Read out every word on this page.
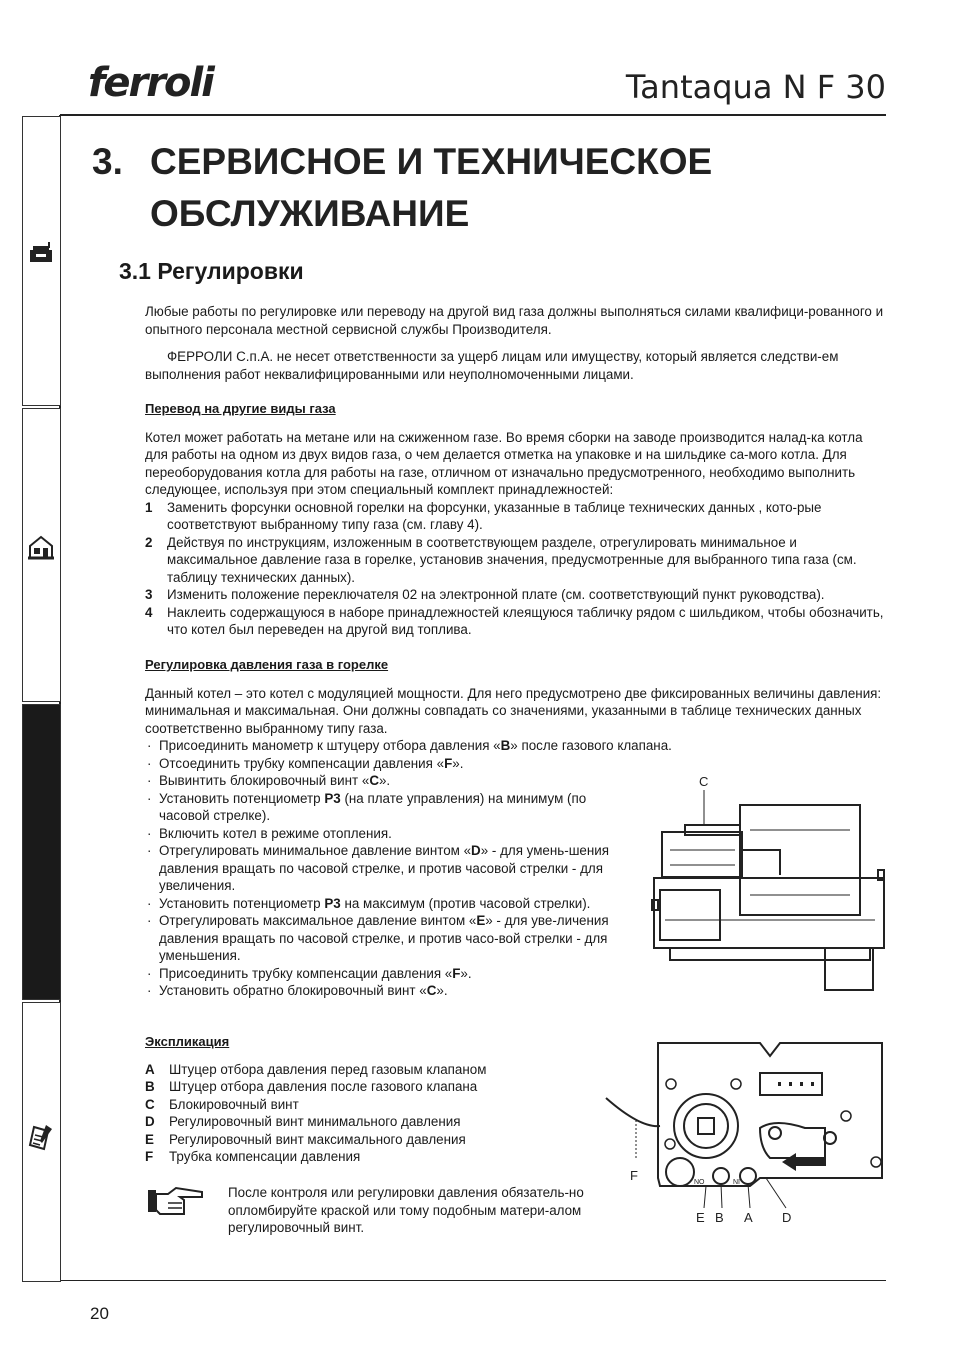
ferroli	Tantaqua N F 30
3. СЕРВИСНОЕ И ТЕХНИЧЕСКОЕ
ОБСЛУЖИВАНИЕ
3.1 Регулировки

Любые работы по регулировке или переводу на другой вид газа должны выполняться силами квалифици-рованного и опытного персонала местной сервисной службы Производителя.

ФЕРРОЛИ С.п.А. не несет ответственности за ущерб лицам или имуществу, который является следстви-ем выполнения работ неквалифицированными или неуполномоченными лицами.

Перевод на другие виды газа

Котел может работать на метане или на сжиженном газе. Во время сборки на заводе производится налад-ка котла для работы на одном из двух видов газа, о чем делается отметка на упаковке и на шильдике са-мого котла. Для переоборудования котла для работы на газе, отличном от изначально предусмотренного, необходимо выполнить следующее, используя при этом специальный комплект принадлежностей:

1 Заменить форсунки основной горелки на форсунки, указанные в таблице технических данных , кото-рые соответствуют выбранному типу газа (см. главу 4).
2 Действуя по инструкциям, изложенным в соответствующем разделе, отрегулировать минимальное и максимальное давление газа в горелке, установив значения, предусмотренные для выбранного типа газа (см. таблицу технических данных).
3 Изменить положение переключателя 02 на электронной плате (см. соответствующий пункт руководства).
4 Наклеить содержащуюся в наборе принадлежностей клеящуюся табличку рядом с шильдиком, чтобы обозначить, что котел был переведен на другой вид топлива.

Регулировка давления газа в горелке

Данный котел – это котел с модуляцией мощности. Для него предусмотрено две фиксированных величины давления: минимальная и максимальная. Они должны совпадать со значениями, указанными в таблице технических данных соответственно выбранному типу газа.

· Присоединить манометр к штуцеру отбора давления «B» после газового клапана.
· Отсоединить трубку компенсации давления «F».
· Вывинтить блокировочный винт «C».
· Установить потенциометр P3 (на плате управления) на минимум (по часовой стрелке).
· Включить котел в режиме отопления.
· Отрегулировать минимальное давление винтом «D» - для умень-шения давления вращать по часовой стрелке, и против часовой стрелки - для увеличения.
· Установить потенциометр P3 на максимум (против часовой стрелки).
· Отрегулировать максимальное давление винтом «E» - для уве-личения давления вращать по часовой стрелке, и против часо-вой стрелки - для уменьшения.
· Присоединить трубку компенсации давления «F».
· Установить обратно блокировочный винт «C».
C

Экспликация

A Штуцер отбора давления перед газовым клапаном
B Штуцер отбора давления после газового клапана
C Блокировочный винт
D Регулировочный винт минимального давления
E Регулировочный винт максимального давления
F Трубка компенсации давления
NO	NI
F
E B A D
После контроля или регулировки давления обязатель-но опломбируйте краской или тому подобным матери-алом регулировочный винт.
20
